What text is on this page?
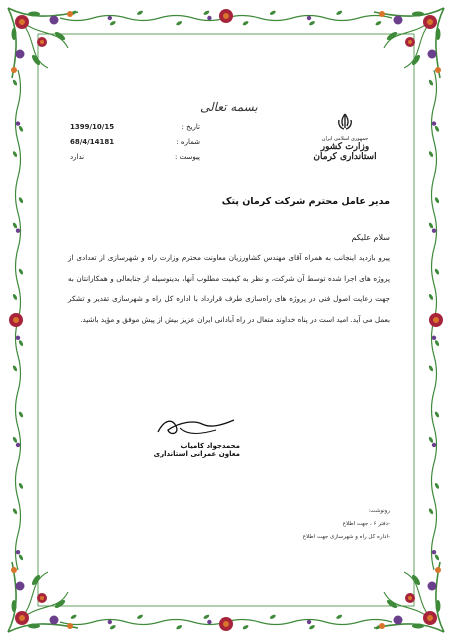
بسمه تعالی
جمهوری اسلامی ایران
وزارت کشور
استانداری کرمان
تاریخ :
1399/10/15
شماره :
68/4/14181
پیوست :
ندارد
مدیر عامل محترم شرکت کرمان پتک
سلام علیکم
پیرو بازدید اینجانب به همراه آقای مهندس کشاورزیان معاونت محترم وزارت راه و شهرسازی از تعدادی از پروژه های اجرا شده توسط آن شرکت، و نظر به کیفیت مطلوب آنها، بدینوسیله از جنابعالی و همکارانتان به جهت رعایت اصول فنی در پروژه های راه‌سازی طرف قرارداد با اداره کل راه و شهرسازی تقدیر و تشکر بعمل می آید. امید است در پناه خداوند متعال در راه آبادانی ایران عزیز بیش از پیش موفق و مؤید باشید.
محمدجواد کامیاب
معاون عمرانی استانداری
رونوشت:
-دفتر ۶ ، جهت اطلاع
-اداره کل راه و شهرسازی جهت اطلاع
